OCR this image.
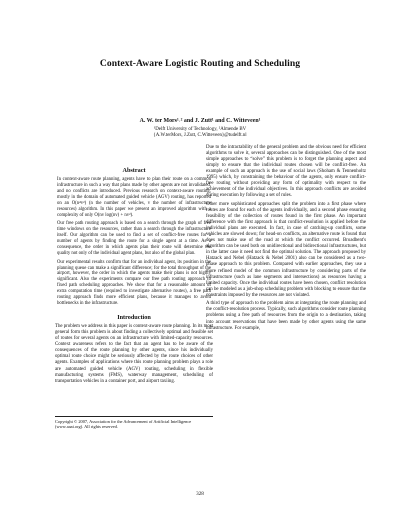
Context-Aware Logistic Routing and Scheduling
A. W. ter Mors¹˒² and J. Zutt¹ and C. Witteveen¹
¹Delft University of Technology, ²Almende BV
{A.W.terMors, J.Zutt, C.Witteveen}@tudelft.nl
Abstract

In context-aware route planning, agents have to plan their route on a common infrastructure in such a way that plans made by other agents are not invalidated, and no conflicts are introduced. Previous research on context-aware routing, mostly in the domain of automated guided vehicle (AGV) routing, has reported on an O(n⁴v²) (n the number of vehicles, v the number of infrastructure resources) algorithm. In this paper we present an improved algorithm with a complexity of only O(nv log(nv) + nv²).

Our free path routing approach is based on a search through the graph of free time windows on the resources, rather than a search through the infrastructure itself. Our algorithm can be used to find a set of conflict-free routes for a number of agents by finding the route for a single agent at a time. As a consequence, the order in which agents plan their route will determine the quality not only of the individual agent plans, but also of the global plan.

Our experimental results confirm that for an individual agent, its position in the planning queue can make a significant difference; for the total throughput of the airport, however, the order in which the agents make their plans is not highly significant. Also the experiments compare our free path routing approach to fixed path scheduling approaches. We show that for a reasonable amount of extra computation time (required to investigate alternative routes), a free path routing approach finds more efficient plans, because it manages to avoid bottlenecks in the infrastructure.

Introduction

The problem we address in this paper is context-aware route planning. In its most general form this problem is about finding a collectively optimal and feasible set of routes for several agents on an infrastructure with limited-capacity resources. Context awareness refers to the fact that an agent has to be aware of the consequences of the route planning by other agents, since his individually optimal route choice might be seriously affected by the route choices of other agents. Examples of applications where this route planning problem plays a role are automated guided vehicle (AGV) routing, scheduling in flexible manufacturing systems (FMS), waterway management, scheduling of transportation vehicles in a container port, and airport taxiing.

Copyright © 2007, Association for the Advancement of Artificial Intelligence (www.aaai.org). All rights reserved.

Due to the intractability of the general problem and the obvious need for efficient algorithms to solve it, several approaches can be distinguished. One of the most simple approaches to “solve” this problem is to forget the planning aspect and simply to ensure that the individual routes chosen will be conflict-free. An example of such an approach is the use of social laws (Shoham & Tennenholtz 1995) which, by constraining the behaviour of the agents, only ensure conflict-free routing without providing any form of optimality with respect to the achievement of the individual objectives. In this approach conflicts are avoided during execution by following a set of rules.

Other more sophisticated approaches split the problem into a first phase where routes are found for each of the agents individually, and a second phase ensuring feasibility of the collection of routes found in the first phase. An important difference with the first approach is that conflict-resolution is applied before the individual plans are executed. In fact, in case of catching-up conflicts, some vehicles are slowed down; for head-on conflicts, an alternative route is found that does not make use of the road at which the conflict occurred. Broadbent's algorithm can be used both on unidirectional and bidirectional infrastructures, but in the latter case it need not find the optimal solution. The approach proposed by Hatzack and Nebel (Hatzack & Nebel 2001) also can be considered as a two-phase approach to this problem. Compared with earlier approaches, they use a more refined model of the common infrastructure by considering parts of the infrastructure (such as lane segments and intersections) as resources having a limited capacity. Once the individual routes have been chosen, conflict resolution can be modeled as a job-shop scheduling problem with blocking to ensure that the constraints imposed by the resources are not violated.

A third type of approach to the problem aims at integrating the route planning and the conflict-resolution process. Typically, such algorithms consider route planning problems using a free path of resources from the origin to a destination, taking into account reservations that have been made by other agents using the same infrastructure. For example,

328
